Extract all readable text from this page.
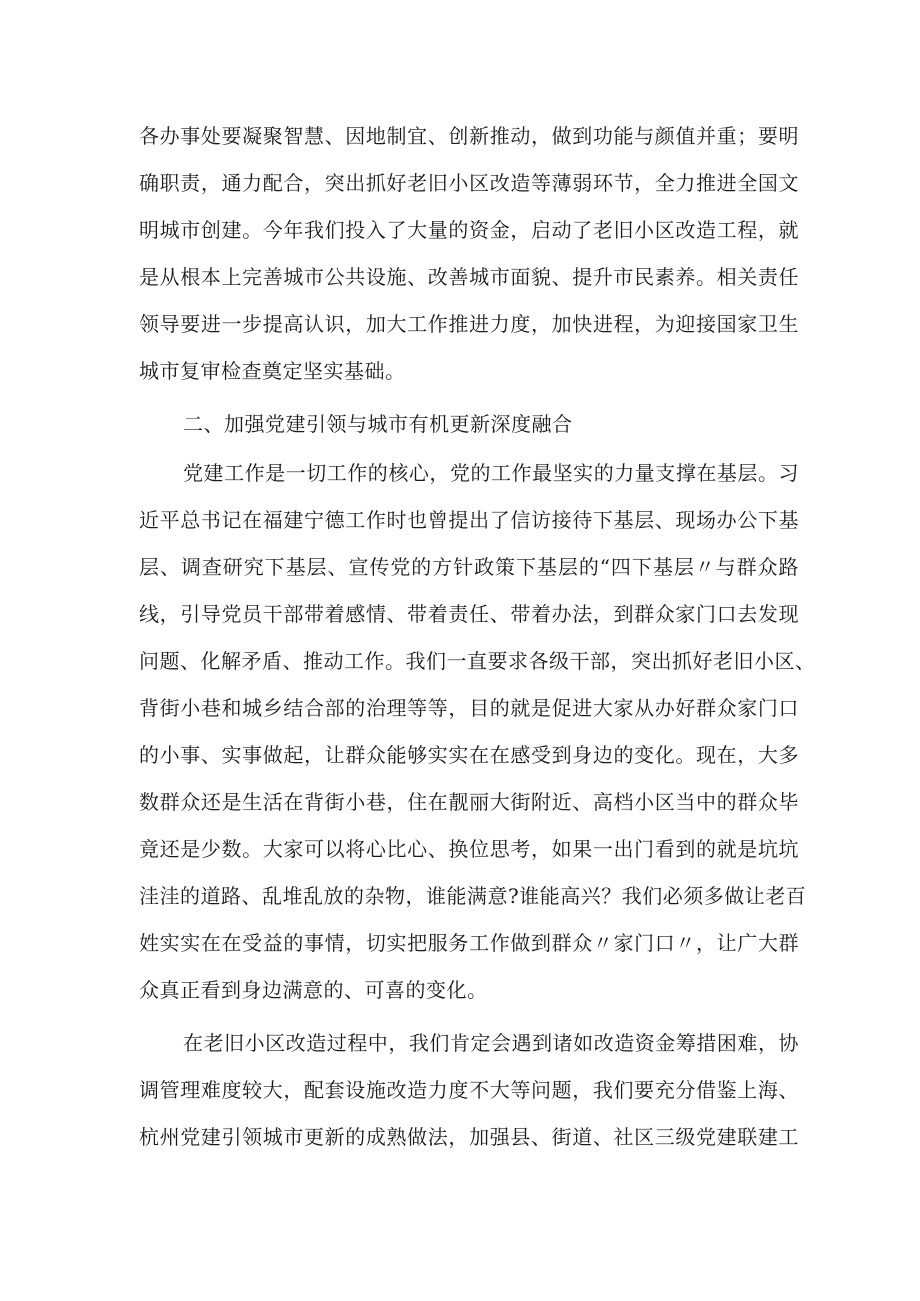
各办事处要凝聚智慧、因地制宜、创新推动，做到功能与颜值并重；要明
确职责，通力配合，突出抓好老旧小区改造等薄弱环节，全力推进全国文
明城市创建。今年我们投入了大量的资金，启动了老旧小区改造工程，就
是从根本上完善城市公共设施、改善城市面貌、提升市民素养。相关责任
领导要进一步提高认识，加大工作推进力度，加快进程，为迎接国家卫生
城市复审检查奠定坚实基础。
二、加强党建引领与城市有机更新深度融合
党建工作是一切工作的核心，党的工作最坚实的力量支撑在基层。习
近平总书记在福建宁德工作时也曾提出了信访接待下基层、现场办公下基
层、调查研究下基层、宣传党的方针政策下基层的“四下基层〃与群众路
线，引导党员干部带着感情、带着责任、带着办法，到群众家门口去发现
问题、化解矛盾、推动工作。我们一直要求各级干部，突出抓好老旧小区、
背街小巷和城乡结合部的治理等等，目的就是促进大家从办好群众家门口
的小事、实事做起，让群众能够实实在在感受到身边的变化。现在，大多
数群众还是生活在背街小巷，住在靓丽大街附近、高档小区当中的群众毕
竟还是少数。大家可以将心比心、换位思考，如果一出门看到的就是坑坑
洼洼的道路、乱堆乱放的杂物，谁能满意?谁能高兴？我们必须多做让老百
姓实实在在受益的事情，切实把服务工作做到群众〃家门口〃，让广大群
众真正看到身边满意的、可喜的变化。
在老旧小区改造过程中，我们肯定会遇到诸如改造资金筹措困难，协
调管理难度较大，配套设施改造力度不大等问题，我们要充分借鉴上海、
杭州党建引领城市更新的成熟做法，加强县、街道、社区三级党建联建工
